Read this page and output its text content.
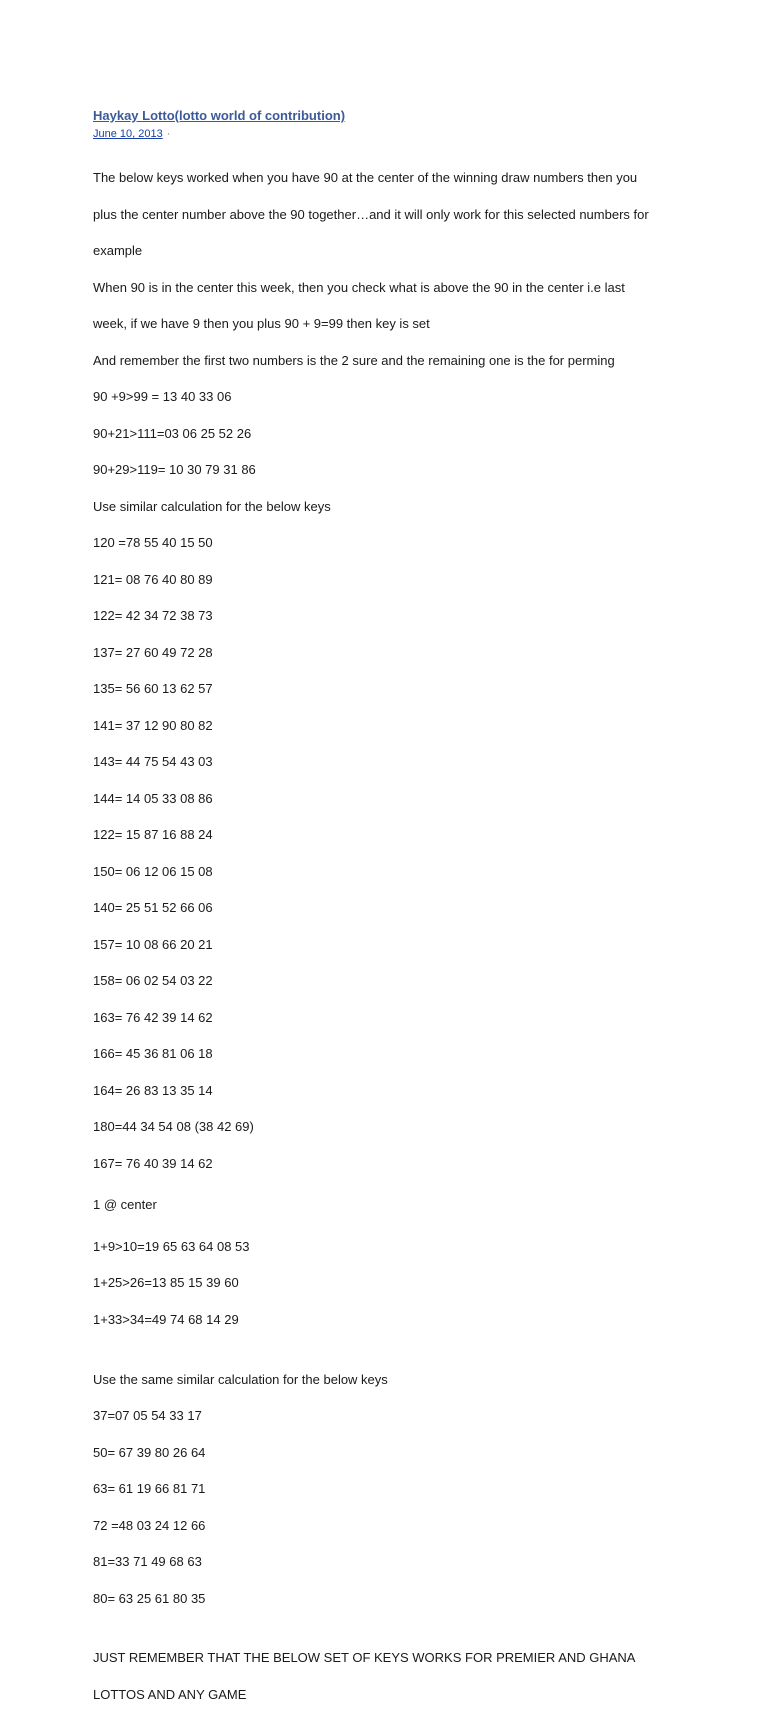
Haykay Lotto(lotto world of contribution)
June 10, 2013 ·

The below keys worked when you have 90 at the center of the winning draw numbers then you

plus the center number above the 90 together…and it will only work for this selected numbers for

example

When 90 is in the center this week, then you check what is above the 90 in the center i.e last

week, if we have 9 then you plus 90 + 9=99 then key is set

And remember the first two numbers is the 2 sure and the remaining one is the for perming

90 +9>99 = 13 40 33 06

90+21>111=03 06 25 52 26

90+29>119= 10 30 79 31 86

Use similar calculation for the below keys

120 =78 55 40 15 50

121= 08 76 40 80 89

122= 42 34 72 38 73

137= 27 60 49 72 28

135= 56 60 13 62 57

141= 37 12 90 80 82

143= 44 75 54 43 03

144= 14 05 33 08 86

122= 15 87 16 88 24

150= 06 12 06 15 08

140= 25 51 52 66 06

157= 10 08 66 20 21

158= 06 02 54 03 22

163= 76 42 39 14 62

166= 45 36 81 06 18

164= 26 83 13 35 14

180=44 34 54 08 (38 42 69)

167= 76 40 39 14 62

1 @ center

1+9>10=19 65 63 64 08 53

1+25>26=13 85 15 39 60

1+33>34=49 74 68 14 29

Use the same similar calculation for the below keys

37=07 05 54 33 17

50= 67 39 80 26 64

63= 61 19 66 81 71

72 =48 03 24 12 66

81=33 71 49 68 63

80= 63 25 61 80 35

JUST REMEMBER THAT THE BELOW SET OF KEYS WORKS FOR PREMIER AND GHANA

LOTTOS AND ANY GAME
